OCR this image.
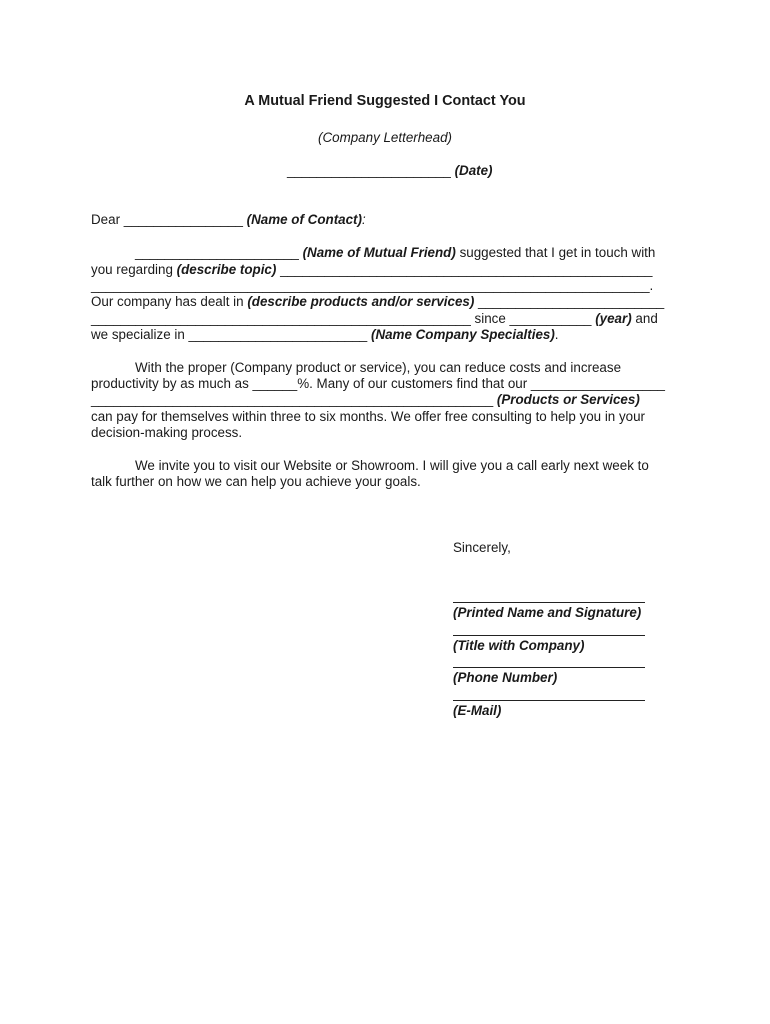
A Mutual Friend Suggested I Contact You
(Company Letterhead)
______________________ (Date)
Dear ________________ (Name of Contact):
______________________ (Name of Mutual Friend) suggested that I get in touch with
you regarding (describe topic) __________________________________________________
___________________________________________________________________________.
Our company has dealt in (describe products and/or services) _________________________
___________________________________________________ since ___________ (year) and
we specialize in ________________________ (Name Company Specialties).
With the proper (Company product or service), you can reduce costs and increase
productivity by as much as ______%. Many of our customers find that our __________________
______________________________________________________ (Products or Services)
can pay for themselves within three to six months. We offer free consulting to help you in your
decision-making process.
We invite you to visit our Website or Showroom. I will give you a call early next week to
talk further on how we can help you achieve your goals.
Sincerely,
(Printed Name and Signature)
(Title with Company)
(Phone Number)
(E-Mail)
